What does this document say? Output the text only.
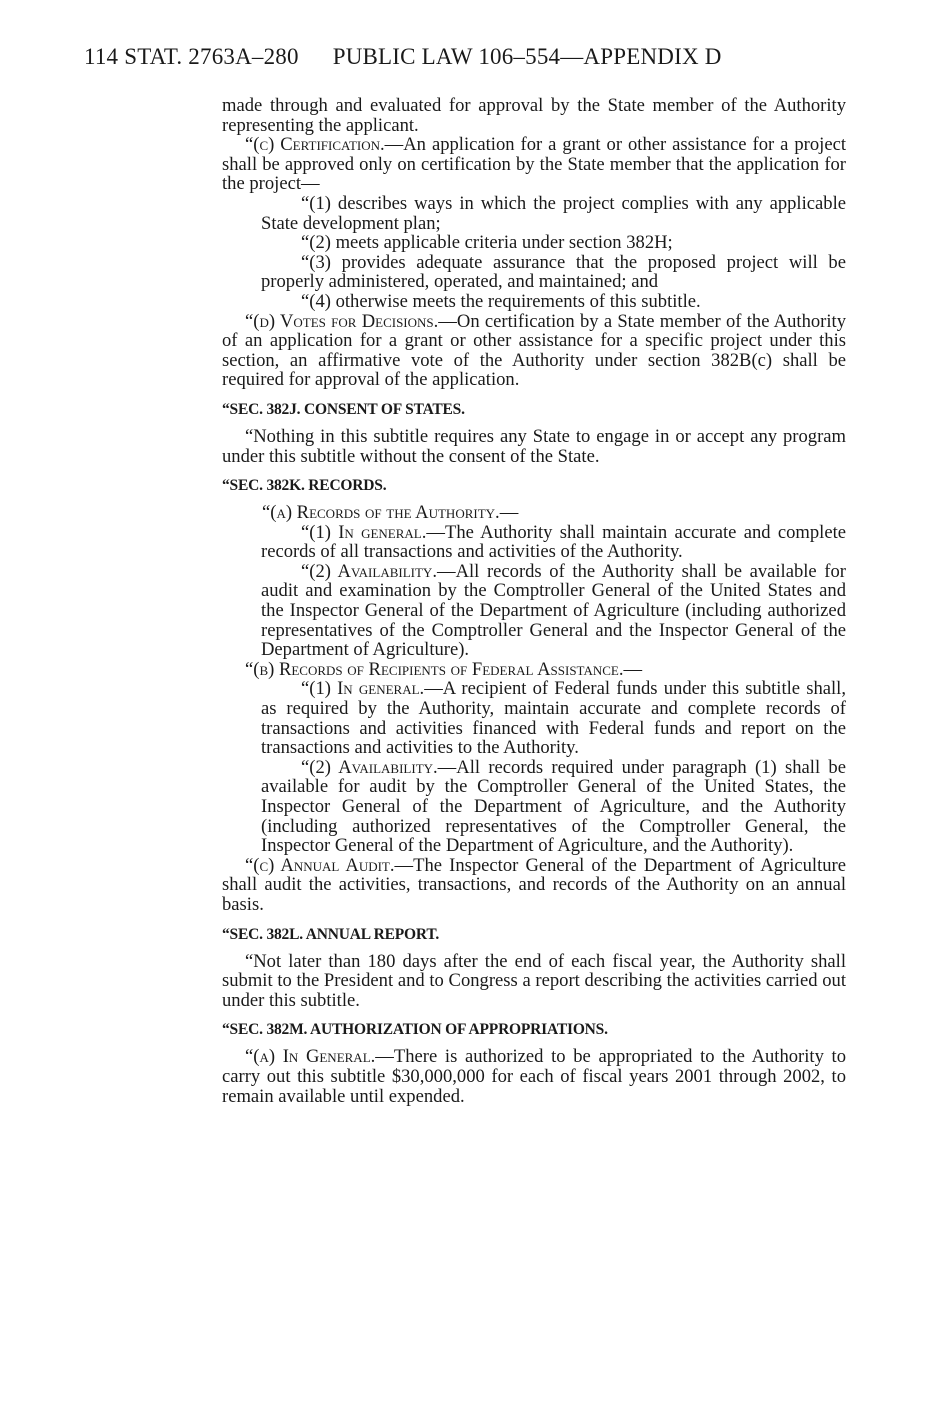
114 STAT. 2763A–280 PUBLIC LAW 106–554—APPENDIX D

made through and evaluated for approval by the State member of the Authority representing the applicant.

“(c) Certification.—An application for a grant or other assistance for a project shall be approved only on certification by the State member that the application for the project—

“(1) describes ways in which the project complies with any applicable State development plan;

“(2) meets applicable criteria under section 382H;

“(3) provides adequate assurance that the proposed project will be properly administered, operated, and maintained; and

“(4) otherwise meets the requirements of this subtitle.

“(d) Votes for Decisions.—On certification by a State member of the Authority of an application for a grant or other assistance for a specific project under this section, an affirmative vote of the Authority under section 382B(c) shall be required for approval of the application.

“SEC. 382J. CONSENT OF STATES.

“Nothing in this subtitle requires any State to engage in or accept any program under this subtitle without the consent of the State.

“SEC. 382K. RECORDS.

“(a) Records of the Authority.—

“(1) In general.—The Authority shall maintain accurate and complete records of all transactions and activities of the Authority.

“(2) Availability.—All records of the Authority shall be available for audit and examination by the Comptroller General of the United States and the Inspector General of the Department of Agriculture (including authorized representatives of the Comptroller General and the Inspector General of the Department of Agriculture).

“(b) Records of Recipients of Federal Assistance.—

“(1) In general.—A recipient of Federal funds under this subtitle shall, as required by the Authority, maintain accurate and complete records of transactions and activities financed with Federal funds and report on the transactions and activities to the Authority.

“(2) Availability.—All records required under paragraph (1) shall be available for audit by the Comptroller General of the United States, the Inspector General of the Department of Agriculture, and the Authority (including authorized representatives of the Comptroller General, the Inspector General of the Department of Agriculture, and the Authority).

“(c) Annual Audit.—The Inspector General of the Department of Agriculture shall audit the activities, transactions, and records of the Authority on an annual basis.

“SEC. 382L. ANNUAL REPORT.

“Not later than 180 days after the end of each fiscal year, the Authority shall submit to the President and to Congress a report describing the activities carried out under this subtitle.

“SEC. 382M. AUTHORIZATION OF APPROPRIATIONS.

“(a) In General.—There is authorized to be appropriated to the Authority to carry out this subtitle $30,000,000 for each of fiscal years 2001 through 2002, to remain available until expended.
